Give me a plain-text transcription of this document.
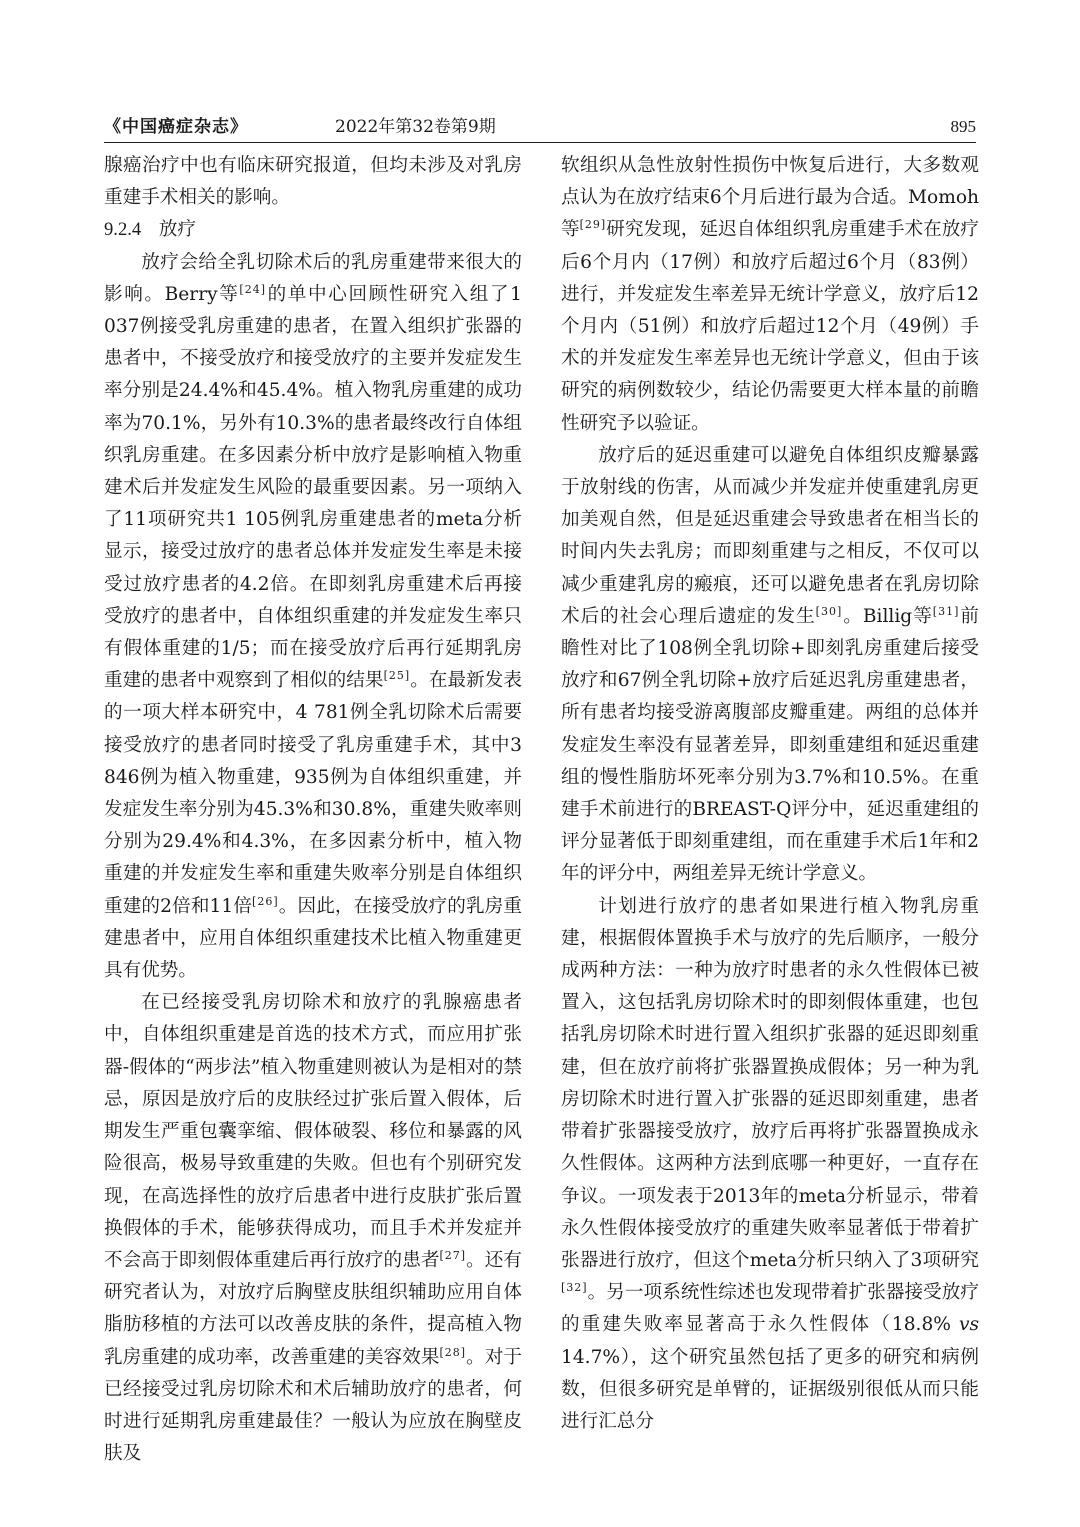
《中国癌症杂志》	2022年第32卷第9期	895

腺癌治疗中也有临床研究报道，但均未涉及对乳房重建手术相关的影响。

9.2.4 放疗

放疗会给全乳切除术后的乳房重建带来很大的影响。Berry等[24]的单中心回顾性研究入组了1 037例接受乳房重建的患者，在置入组织扩张器的患者中，不接受放疗和接受放疗的主要并发症发生率分别是24.4%和45.4%。植入物乳房重建的成功率为70.1%，另外有10.3%的患者最终改行自体组织乳房重建。在多因素分析中放疗是影响植入物重建术后并发症发生风险的最重要因素。另一项纳入了11项研究共1 105例乳房重建患者的meta分析显示，接受过放疗的患者总体并发症发生率是未接受过放疗患者的4.2倍。在即刻乳房重建术后再接受放疗的患者中，自体组织重建的并发症发生率只有假体重建的1/5；而在接受放疗后再行延期乳房重建的患者中观察到了相似的结果[25]。在最新发表的一项大样本研究中，4 781例全乳切除术后需要接受放疗的患者同时接受了乳房重建手术，其中3 846例为植入物重建，935例为自体组织重建，并发症发生率分别为45.3%和30.8%，重建失败率则分别为29.4%和4.3%，在多因素分析中，植入物重建的并发症发生率和重建失败率分别是自体组织重建的2倍和11倍[26]。因此，在接受放疗的乳房重建患者中，应用自体组织重建技术比植入物重建更具有优势。

在已经接受乳房切除术和放疗的乳腺癌患者中，自体组织重建是首选的技术方式，而应用扩张器-假体的“两步法”植入物重建则被认为是相对的禁忌，原因是放疗后的皮肤经过扩张后置入假体，后期发生严重包囊挛缩、假体破裂、移位和暴露的风险很高，极易导致重建的失败。但也有个别研究发现，在高选择性的放疗后患者中进行皮肤扩张后置换假体的手术，能够获得成功，而且手术并发症并不会高于即刻假体重建后再行放疗的患者[27]。还有研究者认为，对放疗后胸壁皮肤组织辅助应用自体脂肪移植的方法可以改善皮肤的条件，提高植入物乳房重建的成功率，改善重建的美容效果[28]。对于已经接受过乳房切除术和术后辅助放疗的患者，何时进行延期乳房重建最佳？一般认为应放在胸壁皮肤及

软组织从急性放射性损伤中恢复后进行，大多数观点认为在放疗结束6个月后进行最为合适。Momoh等[29]研究发现，延迟自体组织乳房重建手术在放疗后6个月内（17例）和放疗后超过6个月（83例）进行，并发症发生率差异无统计学意义，放疗后12个月内（51例）和放疗后超过12个月（49例）手术的并发症发生率差异也无统计学意义，但由于该研究的病例数较少，结论仍需要更大样本量的前瞻性研究予以验证。

放疗后的延迟重建可以避免自体组织皮瓣暴露于放射线的伤害，从而减少并发症并使重建乳房更加美观自然，但是延迟重建会导致患者在相当长的时间内失去乳房；而即刻重建与之相反，不仅可以减少重建乳房的瘢痕，还可以避免患者在乳房切除术后的社会心理后遗症的发生[30]。Billig等[31]前瞻性对比了108例全乳切除+即刻乳房重建后接受放疗和67例全乳切除+放疗后延迟乳房重建患者，所有患者均接受游离腹部皮瓣重建。两组的总体并发症发生率没有显著差异，即刻重建组和延迟重建组的慢性脂肪坏死率分别为3.7%和10.5%。在重建手术前进行的BREAST-Q评分中，延迟重建组的评分显著低于即刻重建组，而在重建手术后1年和2年的评分中，两组差异无统计学意义。

计划进行放疗的患者如果进行植入物乳房重建，根据假体置换手术与放疗的先后顺序，一般分成两种方法：一种为放疗时患者的永久性假体已被置入，这包括乳房切除术时的即刻假体重建，也包括乳房切除术时进行置入组织扩张器的延迟即刻重建，但在放疗前将扩张器置换成假体；另一种为乳房切除术时进行置入扩张器的延迟即刻重建，患者带着扩张器接受放疗，放疗后再将扩张器置换成永久性假体。这两种方法到底哪一种更好，一直存在争议。一项发表于2013年的meta分析显示，带着永久性假体接受放疗的重建失败率显著低于带着扩张器进行放疗，但这个meta分析只纳入了3项研究[32]。另一项系统性综述也发现带着扩张器接受放疗的重建失败率显著高于永久性假体（18.8% vs 14.7%），这个研究虽然包括了更多的研究和病例数，但很多研究是单臂的，证据级别很低从而只能进行汇总分
